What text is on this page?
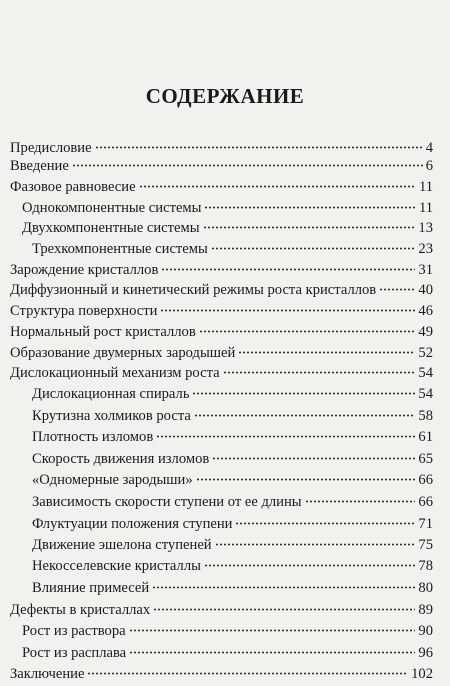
СОДЕРЖАНИЕ
Предисловие	4
Введение	6
Фазовое равновесие	11
Однокомпонентные системы	11
Двухкомпонентные системы	13
Трехкомпонентные системы	23
Зарождение кристаллов	31
Диффузионный и кинетический режимы роста кристаллов	40
Структура поверхности	46
Нормальный рост кристаллов	49
Образование двумерных зародышей	52
Дислокационный механизм роста	54
Дислокационная спираль	54
Крутизна холмиков роста	58
Плотность изломов	61
Скорость движения изломов	65
«Одномерные зародыши»	66
Зависимость скорости ступени от ее длины	66
Флуктуации положения ступени	71
Движение эшелона ступеней	75
Некосселевские кристаллы	78
Влияние примесей	80
Дефекты в кристаллах	89
Рост из раствора	90
Рост из расплава	96
Заключение	102
